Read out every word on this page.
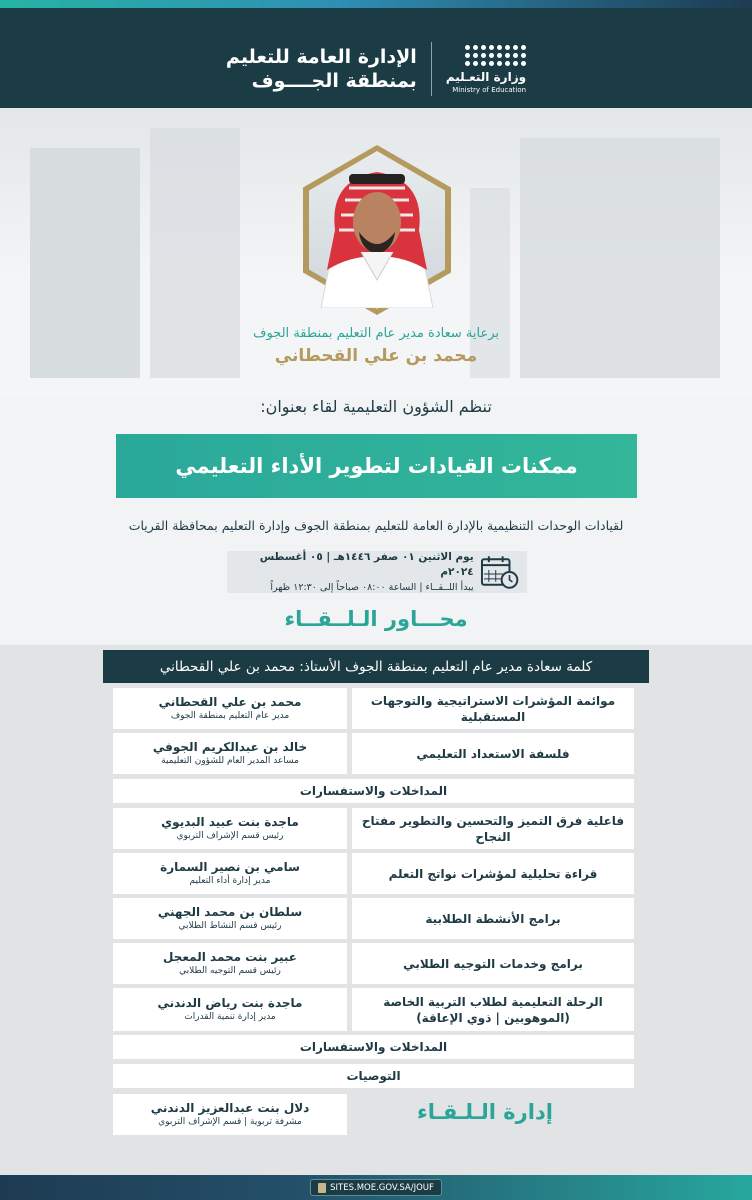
الإدارة العامة للتعليم
بمنطقة الجــــوف وزارة التعـليم
Ministry of Education
برعاية سعادة مدير عام التعليم بمنطقة الجوف
محمد بن علي القحطاني
تنظم الشؤون التعليمية لقاء بعنوان:
ممكنات القيادات لتطوير الأداء التعليمي
لقيادات الوحدات التنظيمية بالإدارة العامة للتعليم بمنطقة الجوف وإدارة التعليم بمحافظة القريات
يوم الاثنين ٠١ صفر ١٤٤٦هـ | ٠٥ أغسطس ٢٠٢٤م
يبدأ اللــقــاء | الساعة ٠٨:٠٠ صباحاً إلى ١٢:٣٠ ظهراً
محـــاور الـلــقــاء
كلمة سعادة مدير عام التعليم بمنطقة الجوف الأستاذ: محمد بن علي القحطاني
موائمة المؤشرات الاستراتيجية والتوجهات المستقبلية
محمد بن علي القحطاني
مدير عام التعليم بمنطقة الجوف
فلسفة الاستعداد التعليمي
خالد بن عبدالكريم الجوفي
مساعد المدير العام للشؤون التعليمية
المداخلات والاستفسارات
فاعلية فرق التميز والتحسين والتطوير مفتاح النجاح
ماجدة بنت عبيد البديوي
رئيس قسم الإشراف التربوي
قراءة تحليلية لمؤشرات نواتج التعلم
سامي بن نصير السمارة
مدير إدارة أداء التعليم
برامج الأنشطة الطلابية
سلطان بن محمد الجهني
رئيس قسم النشاط الطلابي
برامج وخدمات التوجيه الطلابي
عبير بنت محمد المعجل
رئيس قسم التوجيه الطلابي
الرحلة التعليمية لطلاب التربية الخاصة (الموهوبين | ذوي الإعاقة)
ماجدة بنت رياض الدندني
مدير إدارة تنمية القدرات
المداخلات والاستفسارات
التوصيات
إدارة الـلـقـاء
دلال بنت عبدالعزيز الدندني
مشرفة تربوية | قسم الإشراف التربوي
SITES.MOE.GOV.SA/JOUF
